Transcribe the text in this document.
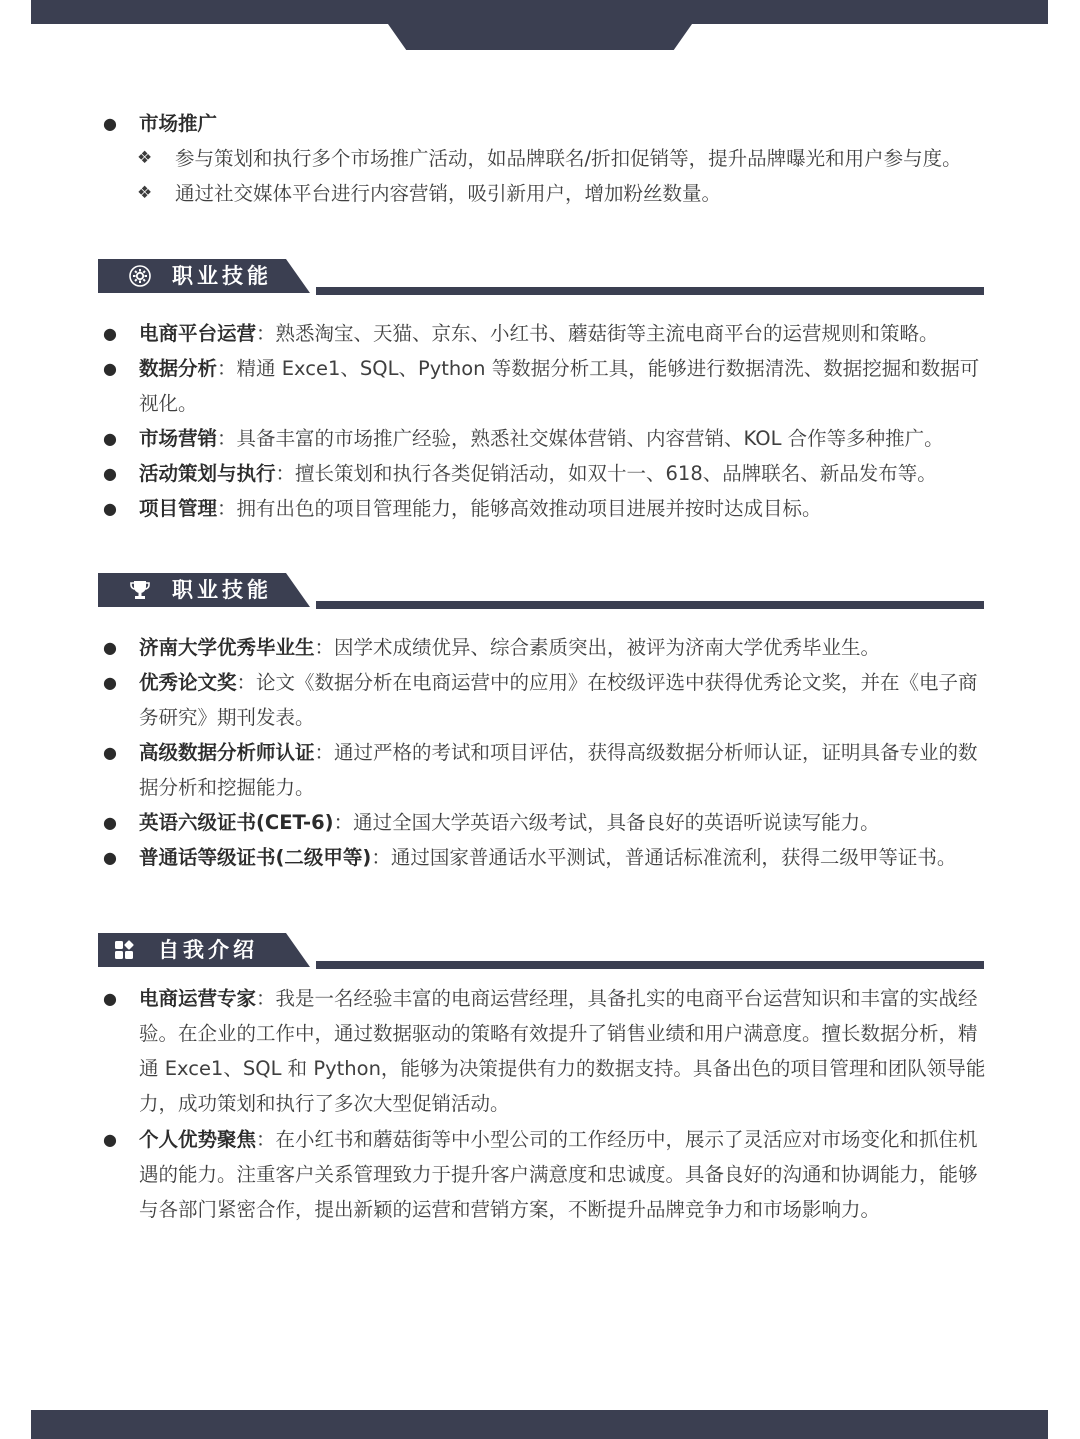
● 市场推广
❖ 参与策划和执行多个市场推广活动，如品牌联名/折扣促销等，提升品牌曝光和用户参与度。
❖ 通过社交媒体平台进行内容营销，吸引新用户，增加粉丝数量。
职业技能
● 电商平台运营：熟悉淘宝、天猫、京东、小红书、蘑菇街等主流电商平台的运营规则和策略。
● 数据分析：精通 Exce1、SQL、Python 等数据分析工具，能够进行数据清洗、数据挖掘和数据可视化。
● 市场营销：具备丰富的市场推广经验，熟悉社交媒体营销、内容营销、KOL 合作等多种推广。
● 活动策划与执行：擅长策划和执行各类促销活动，如双十一、618、品牌联名、新品发布等。
● 项目管理：拥有出色的项目管理能力，能够高效推动项目进展并按时达成目标。
职业技能
● 济南大学优秀毕业生：因学术成绩优异、综合素质突出，被评为济南大学优秀毕业生。
● 优秀论文奖：论文《数据分析在电商运营中的应用》在校级评选中获得优秀论文奖，并在《电子商务研究》期刊发表。
● 高级数据分析师认证：通过严格的考试和项目评估，获得高级数据分析师认证，证明具备专业的数据分析和挖掘能力。
● 英语六级证书(CET-6)：通过全国大学英语六级考试，具备良好的英语听说读写能力。
● 普通话等级证书(二级甲等)：通过国家普通话水平测试，普通话标准流利，获得二级甲等证书。
自我介绍
● 电商运营专家：我是一名经验丰富的电商运营经理，具备扎实的电商平台运营知识和丰富的实战经验。在企业的工作中，通过数据驱动的策略有效提升了销售业绩和用户满意度。擅长数据分析，精通 Exce1、SQL 和 Python，能够为决策提供有力的数据支持。具备出色的项目管理和团队领导能力，成功策划和执行了多次大型促销活动。
● 个人优势聚焦：在小红书和蘑菇街等中小型公司的工作经历中，展示了灵活应对市场变化和抓住机遇的能力。注重客户关系管理致力于提升客户满意度和忠诚度。具备良好的沟通和协调能力，能够与各部门紧密合作，提出新颖的运营和营销方案，不断提升品牌竞争力和市场影响力。
